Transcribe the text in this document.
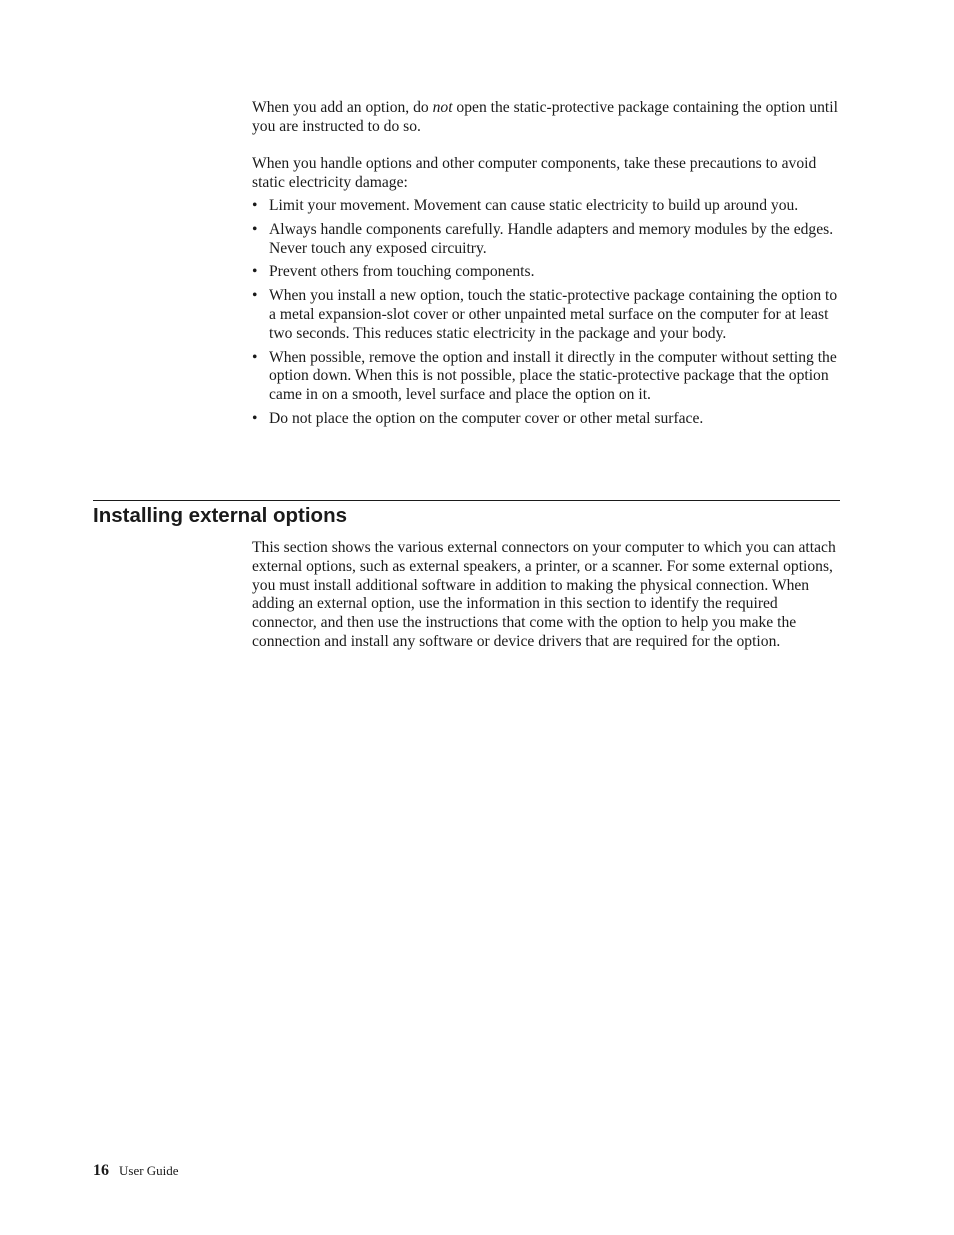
When you add an option, do not open the static-protective package containing the option until you are instructed to do so.

When you handle options and other computer components, take these precautions to avoid static electricity damage:

• Limit your movement. Movement can cause static electricity to build up around you.
• Always handle components carefully. Handle adapters and memory modules by the edges. Never touch any exposed circuitry.
• Prevent others from touching components.
• When you install a new option, touch the static-protective package containing the option to a metal expansion-slot cover or other unpainted metal surface on the computer for at least two seconds. This reduces static electricity in the package and your body.
• When possible, remove the option and install it directly in the computer without setting the option down. When this is not possible, place the static-protective package that the option came in on a smooth, level surface and place the option on it.
• Do not place the option on the computer cover or other metal surface.
Installing external options

This section shows the various external connectors on your computer to which you can attach external options, such as external speakers, a printer, or a scanner. For some external options, you must install additional software in addition to making the physical connection. When adding an external option, use the information in this section to identify the required connector, and then use the instructions that come with the option to help you make the connection and install any software or device drivers that are required for the option.

16 User Guide
